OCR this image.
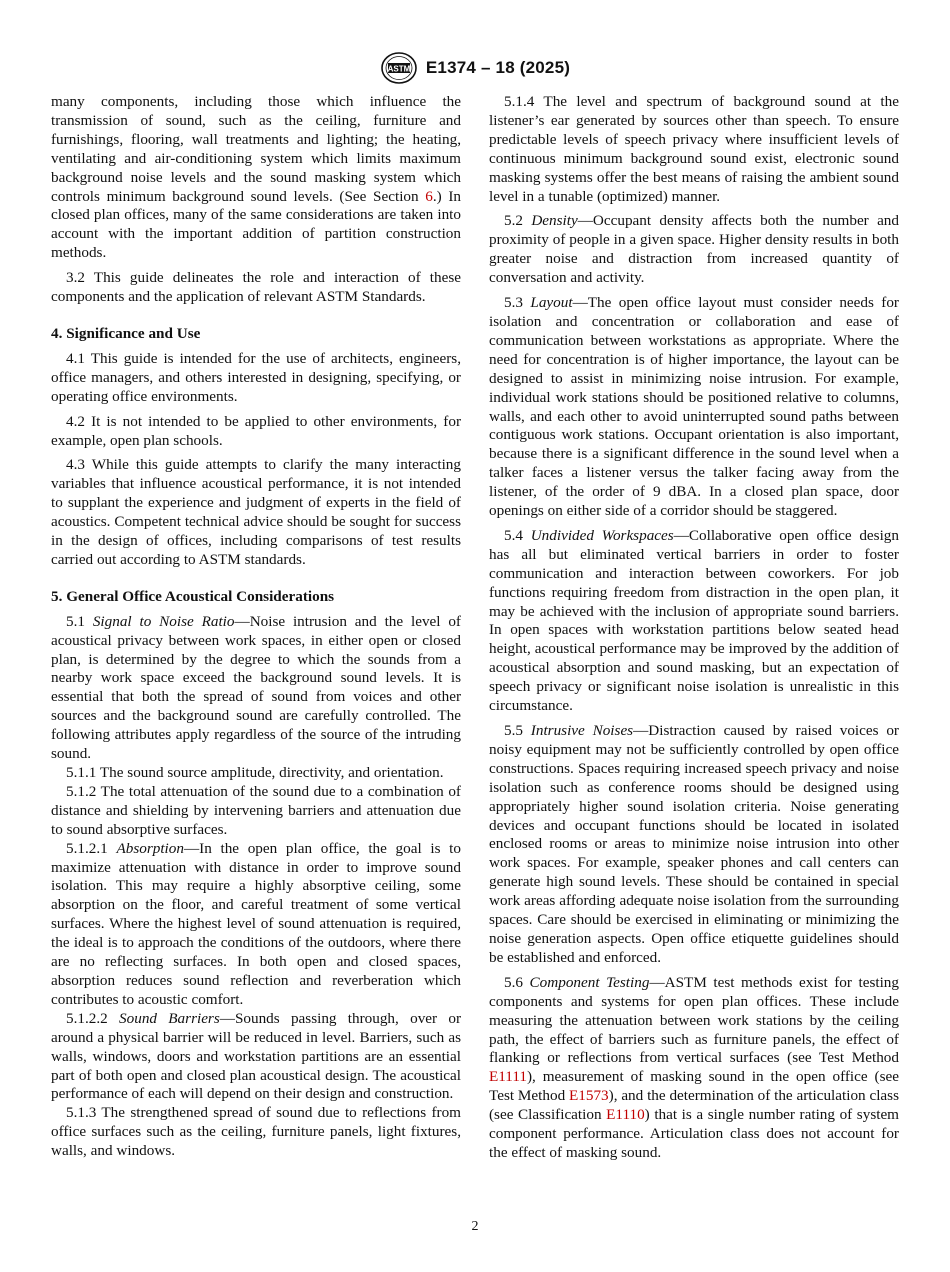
ASTM E1374 – 18 (2025)

many components, including those which influence the transmission of sound, such as the ceiling, furniture and furnishings, flooring, wall treatments and lighting; the heating, ventilating and air-conditioning system which limits maximum background noise levels and the sound masking system which controls minimum background sound levels. (See Section 6.) In closed plan offices, many of the same considerations are taken into account with the important addition of partition construction methods.

3.2 This guide delineates the role and interaction of these components and the application of relevant ASTM Standards.

4. Significance and Use

4.1 This guide is intended for the use of architects, engineers, office managers, and others interested in designing, specifying, or operating office environments.

4.2 It is not intended to be applied to other environments, for example, open plan schools.

4.3 While this guide attempts to clarify the many interacting variables that influence acoustical performance, it is not intended to supplant the experience and judgment of experts in the field of acoustics. Competent technical advice should be sought for success in the design of offices, including comparisons of test results carried out according to ASTM standards.

5. General Office Acoustical Considerations

5.1 Signal to Noise Ratio—Noise intrusion and the level of acoustical privacy between work spaces, in either open or closed plan, is determined by the degree to which the sounds from a nearby work space exceed the background sound levels. It is essential that both the spread of sound from voices and other sources and the background sound are carefully controlled. The following attributes apply regardless of the source of the intruding sound.

5.1.1 The sound source amplitude, directivity, and orientation.

5.1.2 The total attenuation of the sound due to a combination of distance and shielding by intervening barriers and attenuation due to sound absorptive surfaces.

5.1.2.1 Absorption—In the open plan office, the goal is to maximize attenuation with distance in order to improve sound isolation. This may require a highly absorptive ceiling, some absorption on the floor, and careful treatment of some vertical surfaces. Where the highest level of sound attenuation is required, the ideal is to approach the conditions of the outdoors, where there are no reflecting surfaces. In both open and closed spaces, absorption reduces sound reflection and reverberation which contributes to acoustic comfort.

5.1.2.2 Sound Barriers—Sounds passing through, over or around a physical barrier will be reduced in level. Barriers, such as walls, windows, doors and workstation partitions are an essential part of both open and closed plan acoustical design. The acoustical performance of each will depend on their design and construction.

5.1.3 The strengthened spread of sound due to reflections from office surfaces such as the ceiling, furniture panels, light fixtures, walls, and windows.

5.1.4 The level and spectrum of background sound at the listener’s ear generated by sources other than speech. To ensure predictable levels of speech privacy where insufficient levels of continuous minimum background sound exist, electronic sound masking systems offer the best means of raising the ambient sound level in a tunable (optimized) manner.

5.2 Density—Occupant density affects both the number and proximity of people in a given space. Higher density results in both greater noise and distraction from increased quantity of conversation and activity.

5.3 Layout—The open office layout must consider needs for isolation and concentration or collaboration and ease of communication between workstations as appropriate. Where the need for concentration is of higher importance, the layout can be designed to assist in minimizing noise intrusion. For example, individual work stations should be positioned relative to columns, walls, and each other to avoid uninterrupted sound paths between contiguous work stations. Occupant orientation is also important, because there is a significant difference in the sound level when a talker faces a listener versus the talker facing away from the listener, of the order of 9 dBA. In a closed plan space, door openings on either side of a corridor should be staggered.

5.4 Undivided Workspaces—Collaborative open office design has all but eliminated vertical barriers in order to foster communication and interaction between coworkers. For job functions requiring freedom from distraction in the open plan, it may be achieved with the inclusion of appropriate sound barriers. In open spaces with workstation partitions below seated head height, acoustical performance may be improved by the addition of acoustical absorption and sound masking, but an expectation of speech privacy or significant noise isolation is unrealistic in this circumstance.

5.5 Intrusive Noises—Distraction caused by raised voices or noisy equipment may not be sufficiently controlled by open office constructions. Spaces requiring increased speech privacy and noise isolation such as conference rooms should be designed using appropriately higher sound isolation criteria. Noise generating devices and occupant functions should be located in isolated enclosed rooms or areas to minimize noise intrusion into other work spaces. For example, speaker phones and call centers can generate high sound levels. These should be contained in special work areas affording adequate noise isolation from the surrounding spaces. Care should be exercised in eliminating or minimizing the noise generation aspects. Open office etiquette guidelines should be established and enforced.

5.6 Component Testing—ASTM test methods exist for testing components and systems for open plan offices. These include measuring the attenuation between work stations by the ceiling path, the effect of barriers such as furniture panels, the effect of flanking or reflections from vertical surfaces (see Test Method E1111), measurement of masking sound in the open office (see Test Method E1573), and the determination of the articulation class (see Classification E1110) that is a single number rating of system component performance. Articulation class does not account for the effect of masking sound.

2
